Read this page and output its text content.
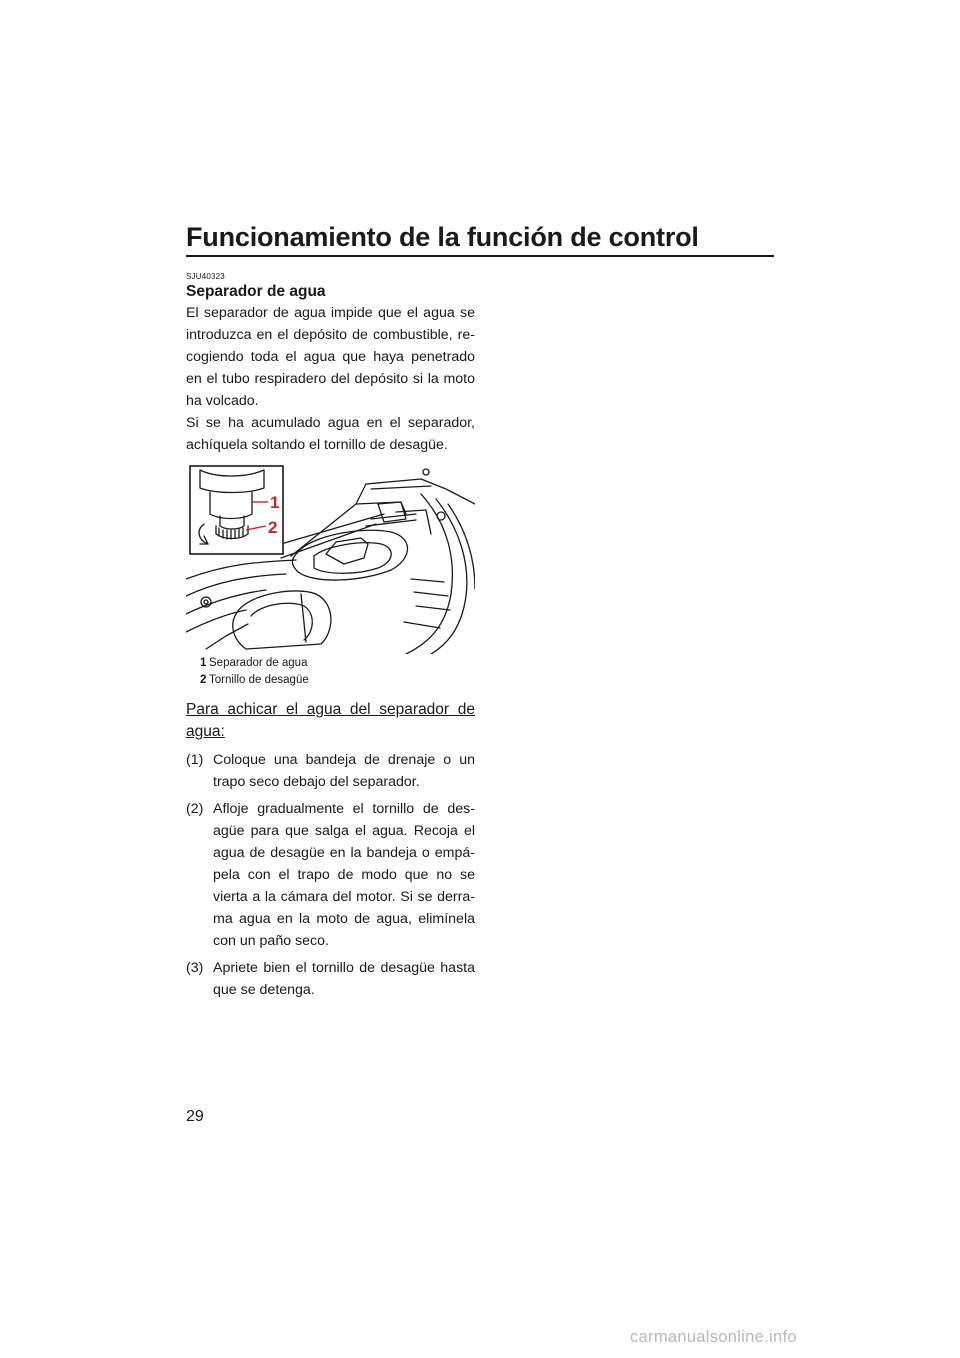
Funcionamiento de la función de control
SJU40323
Separador de agua

El separador de agua impide que el agua se introduzca en el depósito de combustible, re-cogiendo toda el agua que haya penetrado en el tubo respiradero del depósito si la moto ha volcado.

Si se ha acumulado agua en el separador, achíquela soltando el tornillo de desagüe.

1
2
1 Separador de agua
2 Tornillo de desagüe
Para achicar el agua del separador de agua:
(1) Coloque una bandeja de drenaje o un trapo seco debajo del separador.
(2) Afloje gradualmente el tornillo de des-agüe para que salga el agua. Recoja el agua de desagüe en la bandeja o empá-pela con el trapo de modo que no se vierta a la cámara del motor. Si se derra-ma agua en la moto de agua, elimínela con un paño seco.
(3) Apriete bien el tornillo de desagüe hasta que se detenga.
29
carmanualsonline.info
